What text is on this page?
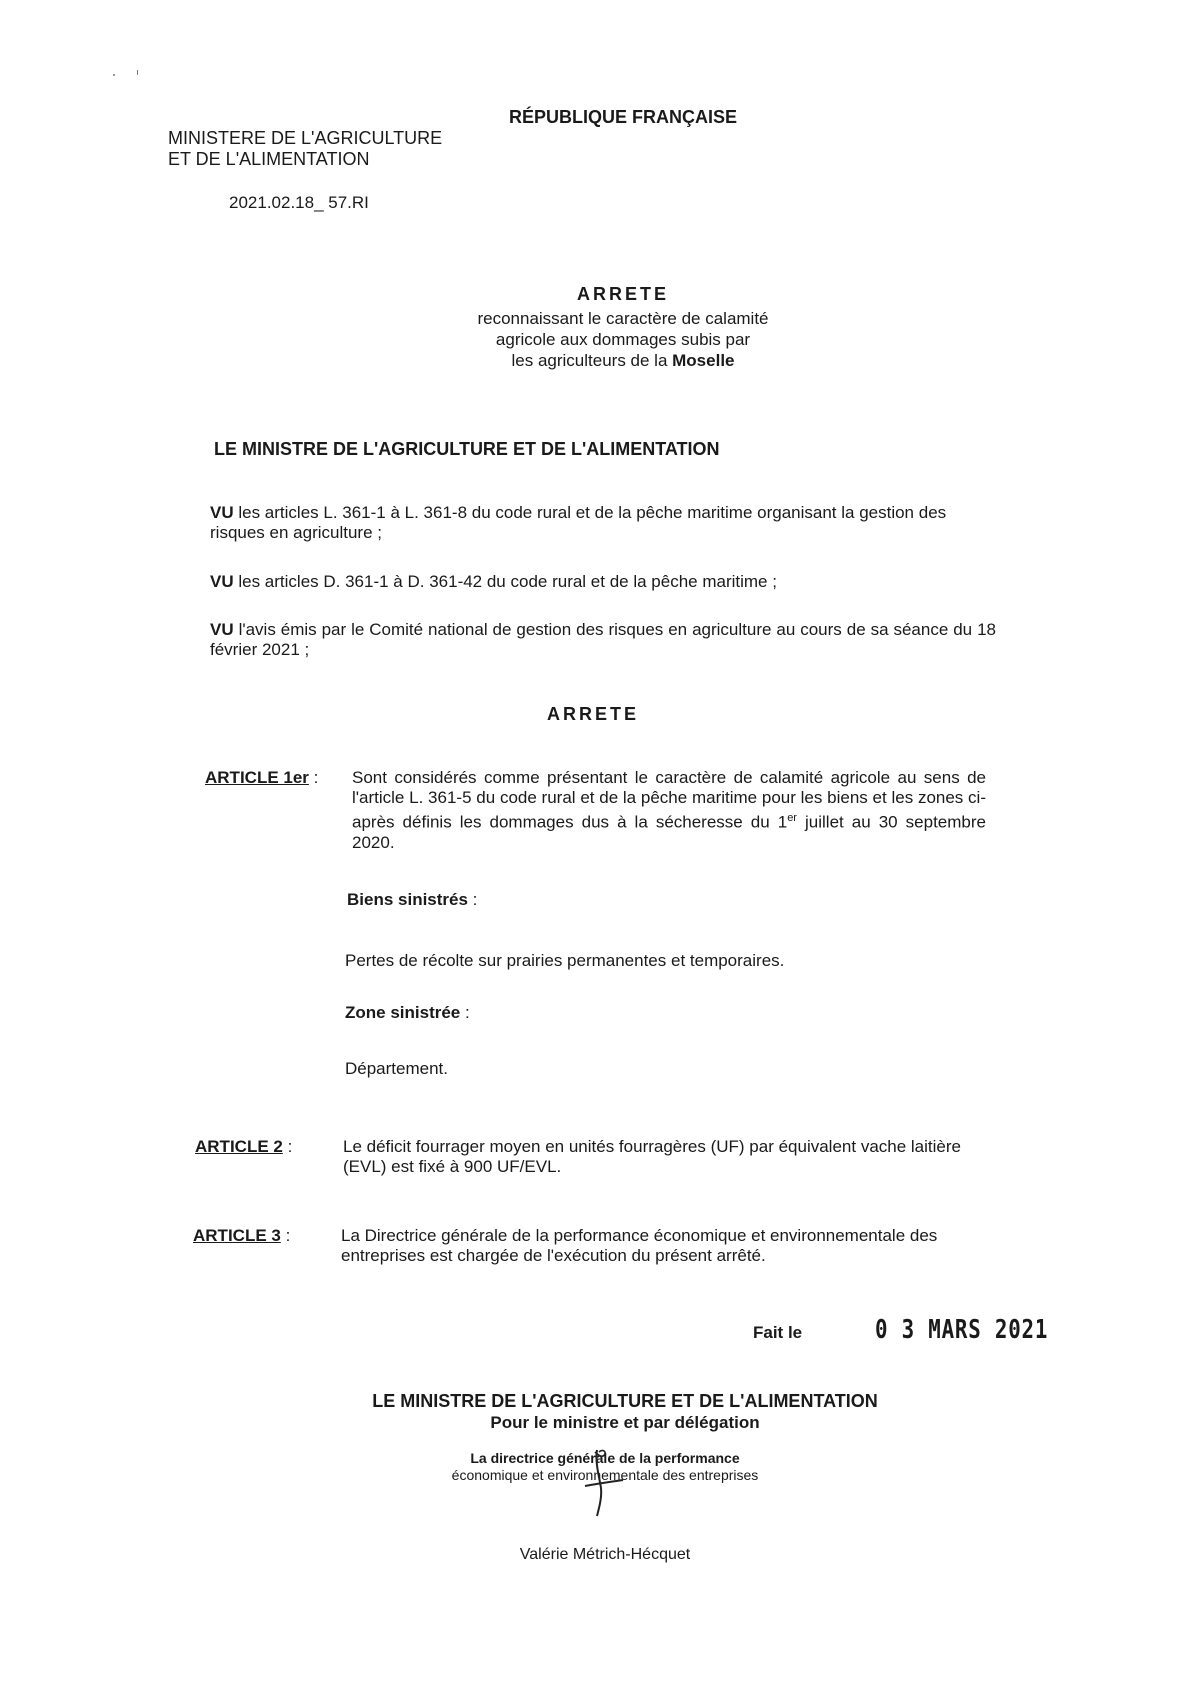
RÉPUBLIQUE FRANÇAISE
MINISTERE DE L'AGRICULTURE
ET DE L'ALIMENTATION
2021.02.18_ 57.RI
ARRETE
reconnaissant le caractère de calamité
agricole aux dommages subis par
les agriculteurs de la Moselle
LE MINISTRE DE L'AGRICULTURE ET DE L'ALIMENTATION
VU les articles L. 361-1 à L. 361-8 du code rural et de la pêche maritime organisant la gestion des risques en agriculture ;
VU les articles D. 361-1 à D. 361-42 du code rural et de la pêche maritime ;
VU l'avis émis par le Comité national de gestion des risques en agriculture au cours de sa séance du 18 février 2021 ;
ARRETE
ARTICLE 1er : Sont considérés comme présentant le caractère de calamité agricole au sens de l'article L. 361-5 du code rural et de la pêche maritime pour les biens et les zones ci-après définis les dommages dus à la sécheresse du 1er juillet au 30 septembre 2020.
Biens sinistrés :
Pertes de récolte sur prairies permanentes et temporaires.
Zone sinistrée :
Département.
ARTICLE 2 :	Le déficit fourrager moyen en unités fourragères (UF) par équivalent vache laitière (EVL) est fixé à 900 UF/EVL.
ARTICLE 3 :	La Directrice générale de la performance économique et environnementale des entreprises est chargée de l'exécution du présent arrêté.
Fait le	0 3 MARS 2021
LE MINISTRE DE L'AGRICULTURE ET DE L'ALIMENTATION
Pour le ministre et par délégation
La directrice générale de la performance
économique et environnementale des entreprises
Valérie Métrich-Hécquet
